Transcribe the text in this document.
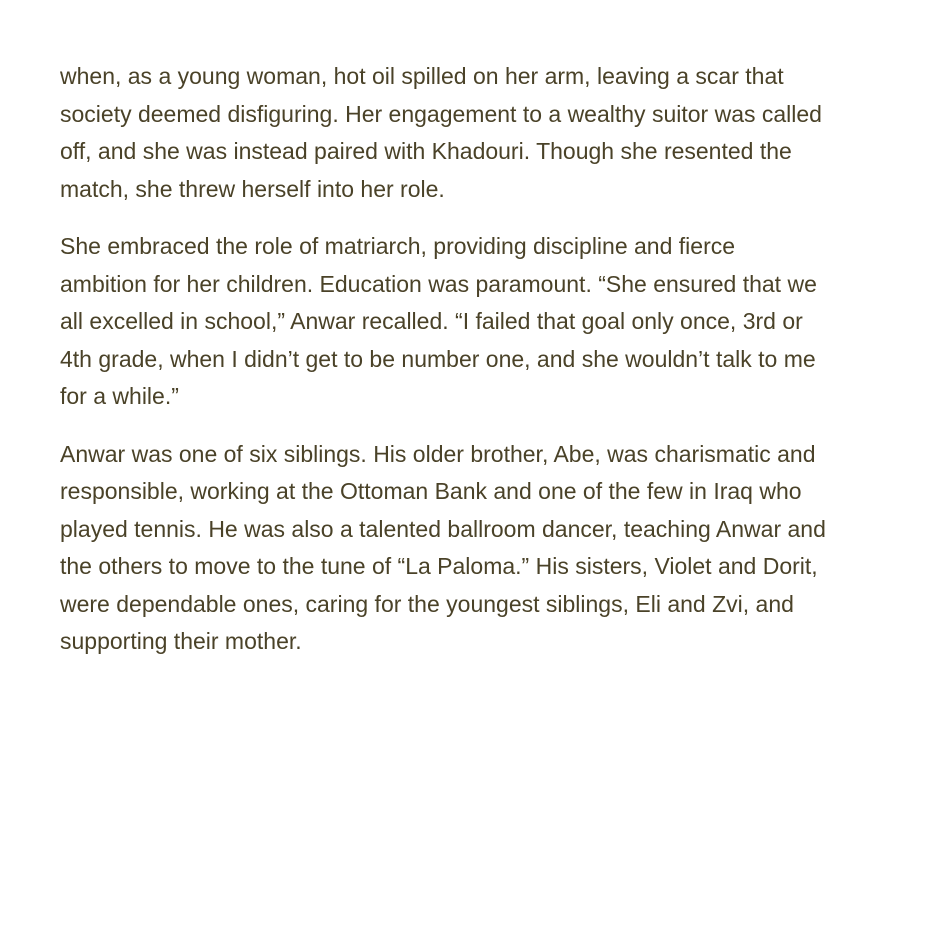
when, as a young woman, hot oil spilled on her arm, leaving a scar that
society deemed disfiguring. Her engagement to a wealthy suitor was called
off, and she was instead paired with Khadouri. Though she resented the
match, she threw herself into her role.

She embraced the role of matriarch, providing discipline and fierce
ambition for her children. Education was paramount. “She ensured that we
all excelled in school,” Anwar recalled. “I failed that goal only once, 3rd or
4th grade, when I didn’t get to be number one, and she wouldn’t talk to me
for a while.”

Anwar was one of six siblings. His older brother, Abe, was charismatic and
responsible, working at the Ottoman Bank and one of the few in Iraq who
played tennis. He was also a talented ballroom dancer, teaching Anwar and
the others to move to the tune of “La Paloma.” His sisters, Violet and Dorit,
were dependable ones, caring for the youngest siblings, Eli and Zvi, and
supporting their mother.
